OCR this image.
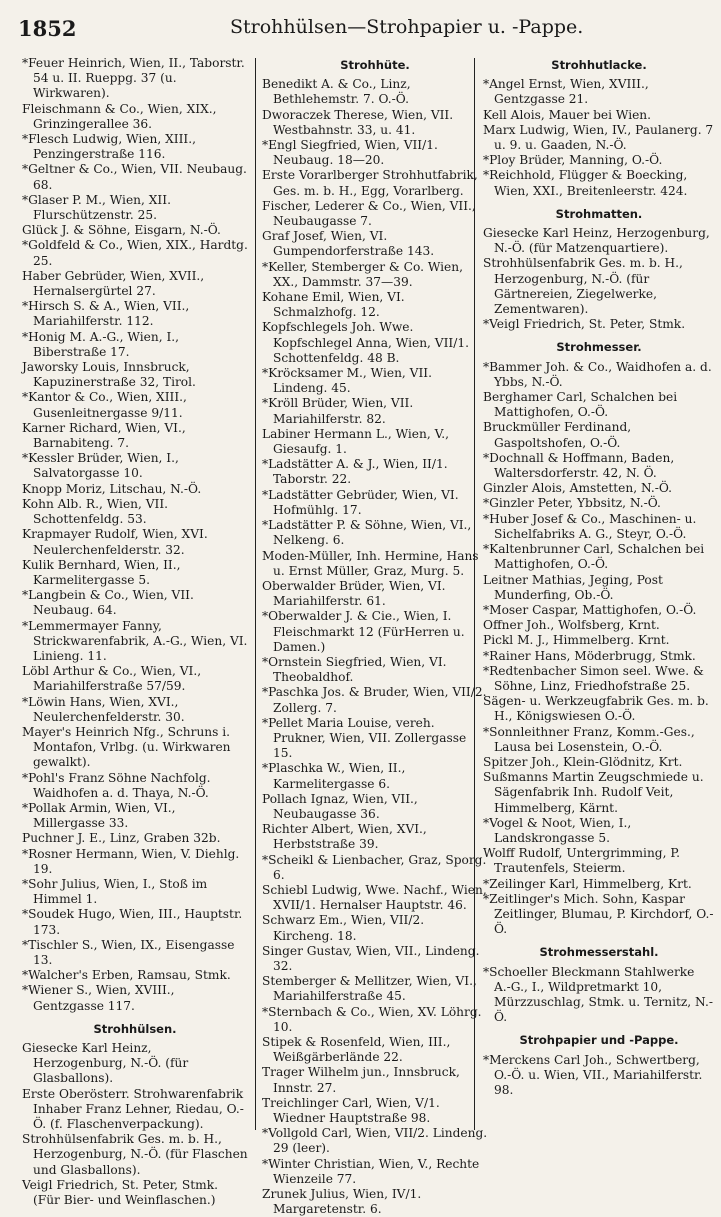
1852	Strohhülsen—Strohpapier u. -Pappe.

*Feuer Heinrich, Wien, II., Taborstr. 54 u. II. Rueppg. 37 (u. Wirkwaren).

Fleischmann & Co., Wien, XIX., Grinzingerallee 36.

*Flesch Ludwig, Wien, XIII., Penzingerstraße 116.

*Geltner & Co., Wien, VII. Neubaug. 68.

*Glaser P. M., Wien, XII. Flurschützenstr. 25.

Glück J. & Söhne, Eisgarn, N.-Ö.

*Goldfeld & Co., Wien, XIX., Hardtg. 25.

Haber Gebrüder, Wien, XVII., Hernalsergürtel 27.

*Hirsch S. & A., Wien, VII., Mariahilferstr. 112.

*Honig M. A.-G., Wien, I., Biberstraße 17.

Jaworsky Louis, Innsbruck, Kapuzinerstraße 32, Tirol.

*Kantor & Co., Wien, XIII., Gusenleitnergasse 9/11.

Karner Richard, Wien, VI., Barnabiteng. 7.

*Kessler Brüder, Wien, I., Salvatorgasse 10.

Knopp Moriz, Litschau, N.-Ö.

Kohn Alb. R., Wien, VII. Schottenfeldg. 53.

Krapmayer Rudolf, Wien, XVI. Neulerchenfelderstr. 32.

Kulik Bernhard, Wien, II., Karmelitergasse 5.

*Langbein & Co., Wien, VII. Neubaug. 64.

*Lemmermayer Fanny, Strickwarenfabrik, A.-G., Wien, VI. Linieng. 11.

Löbl Arthur & Co., Wien, VI., Mariahilferstraße 57/59.

*Löwin Hans, Wien, XVI., Neulerchenfelderstr. 30.

Mayer's Heinrich Nfg., Schruns i. Montafon, Vrlbg. (u. Wirkwaren gewalkt).

*Pohl's Franz Söhne Nachfolg. Waidhofen a. d. Thaya, N.-Ö.

*Pollak Armin, Wien, VI., Millergasse 33.

Puchner J. E., Linz, Graben 32b.

*Rosner Hermann, Wien, V. Diehlg. 19.

*Sohr Julius, Wien, I., Stoß im Himmel 1.

*Soudek Hugo, Wien, III., Hauptstr. 173.

*Tischler S., Wien, IX., Eisengasse 13.

*Walcher's Erben, Ramsau, Stmk.

*Wiener S., Wien, XVIII., Gentzgasse 117.

Strohhülsen.

Giesecke Karl Heinz, Herzogenburg, N.-Ö. (für Glasballons).

Erste Oberösterr. Strohwarenfabrik Inhaber Franz Lehner, Riedau, O.-Ö. (f. Flaschenverpackung).

Strohhülsenfabrik Ges. m. b. H., Herzogenburg, N.-Ö. (für Flaschen und Glasballons).

Veigl Friedrich, St. Peter, Stmk. (Für Bier- und Weinflaschen.)

Strohhüte.

Benedikt A. & Co., Linz, Bethlehemstr. 7. O.-Ö.

Dworaczek Therese, Wien, VII. Westbahnstr. 33, u. 41.

*Engl Siegfried, Wien, VII/1. Neubaug. 18—20.

Erste Vorarlberger Strohhutfabrik, Ges. m. b. H., Egg, Vorarlberg.

Fischer, Lederer & Co., Wien, VII., Neubaugasse 7.

Graf Josef, Wien, VI. Gumpendorferstraße 143.

*Keller, Stemberger & Co. Wien, XX., Dammstr. 37—39.

Kohane Emil, Wien, VI. Schmalzhofg. 12.

Kopfschlegels Joh. Wwe. Kopfschlegel Anna, Wien, VII/1. Schottenfeldg. 48 B.

*Kröcksamer M., Wien, VII. Lindeng. 45.

*Kröll Brüder, Wien, VII. Mariahilferstr. 82.

Labiner Hermann L., Wien, V., Giesaufg. 1.

*Ladstätter A. & J., Wien, II/1. Taborstr. 22.

*Ladstätter Gebrüder, Wien, VI. Hofmühlg. 17.

*Ladstätter P. & Söhne, Wien, VI., Nelkeng. 6.

Moden-Müller, Inh. Hermine, Hans u. Ernst Müller, Graz, Murg. 5.

Oberwalder Brüder, Wien, VI. Mariahilferstr. 61.

*Oberwalder J. & Cie., Wien, I. Fleischmarkt 12 (FürHerren u. Damen.)

*Ornstein Siegfried, Wien, VI. Theobaldhof.

*Paschka Jos. & Bruder, Wien, VII/2. Zollerg. 7.

*Pellet Maria Louise, vereh. Prukner, Wien, VII. Zollergasse 15.

*Plaschka W., Wien, II., Karmelitergasse 6.

Pollach Ignaz, Wien, VII., Neubaugasse 36.

Richter Albert, Wien, XVI., Herbststraße 39.

*Scheikl & Lienbacher, Graz, Sporg. 6.

Schiebl Ludwig, Wwe. Nachf., Wien, XVII/1. Hernalser Hauptstr. 46.

Schwarz Em., Wien, VII/2. Kircheng. 18.

Singer Gustav, Wien, VII., Lindeng. 32.

Stemberger & Mellitzer, Wien, VI., Mariahilferstraße 45.

*Sternbach & Co., Wien, XV. Löhrg. 10.

Stipek & Rosenfeld, Wien, III., Weißgärberlände 22.

Trager Wilhelm jun., Innsbruck, Innstr. 27.

Treichlinger Carl, Wien, V/1. Wiedner Hauptstraße 98.

*Vollgold Carl, Wien, VII/2. Lindeng. 29 (leer).

*Winter Christian, Wien, V., Rechte Wienzeile 77.

Zrunek Julius, Wien, IV/1. Margaretenstr. 6.

Strohhutlacke.

*Angel Ernst, Wien, XVIII., Gentzgasse 21.

Kell Alois, Mauer bei Wien.

Marx Ludwig, Wien, IV., Paulanerg. 7 u. 9. u. Gaaden, N.-Ö.

*Ploy Brüder, Manning, O.-Ö.

*Reichhold, Flügger & Boecking, Wien, XXI., Breitenleerstr. 424.

Strohmatten.

Giesecke Karl Heinz, Herzogenburg, N.-Ö. (für Matzenquartiere).

Strohhülsenfabrik Ges. m. b. H., Herzogenburg, N.-Ö. (für Gärtnereien, Ziegelwerke, Zementwaren).

*Veigl Friedrich, St. Peter, Stmk.

Strohmesser.

*Bammer Joh. & Co., Waidhofen a. d. Ybbs, N.-Ö.

Berghamer Carl, Schalchen bei Mattighofen, O.-Ö.

Bruckmüller Ferdinand, Gaspoltshofen, O.-Ö.

*Dochnall & Hoffmann, Baden, Waltersdorferstr. 42, N. Ö.

Ginzler Alois, Amstetten, N.-Ö.

*Ginzler Peter, Ybbsitz, N.-Ö.

*Huber Josef & Co., Maschinen- u. Sichelfabriks A. G., Steyr, O.-Ö.

*Kaltenbrunner Carl, Schalchen bei Mattighofen, O.-Ö.

Leitner Mathias, Jeging, Post Munderfing, Ob.-Ö.

*Moser Caspar, Mattighofen, O.-Ö.

Offner Joh., Wolfsberg, Krnt.

Pickl M. J., Himmelberg. Krnt.

*Rainer Hans, Möderbrugg, Stmk.

*Redtenbacher Simon seel. Wwe. & Söhne, Linz, Friedhofstraße 25.

Sägen- u. Werkzeugfabrik Ges. m. b. H., Königswiesen O.-Ö.

*Sonnleithner Franz, Komm.-Ges., Lausa bei Losenstein, O.-Ö.

Spitzer Joh., Klein-Glödnitz, Krt.

Sußmanns Martin Zeugschmiede u. Sägenfabrik Inh. Rudolf Veit, Himmelberg, Kärnt.

*Vogel & Noot, Wien, I., Landskrongasse 5.

Wolff Rudolf, Untergrimming, P. Trautenfels, Steierm.

*Zeilinger Karl, Himmelberg, Krt.

*Zeitlinger's Mich. Sohn, Kaspar Zeitlinger, Blumau, P. Kirchdorf, O.-Ö.

Strohmesserstahl.

*Schoeller Bleckmann Stahlwerke A.-G., I., Wildpretmarkt 10, Mürzzuschlag, Stmk. u. Ternitz, N.-Ö.

Strohpapier und -Pappe.

*Merckens Carl Joh., Schwertberg, O.-Ö. u. Wien, VII., Mariahilferstr. 98.
